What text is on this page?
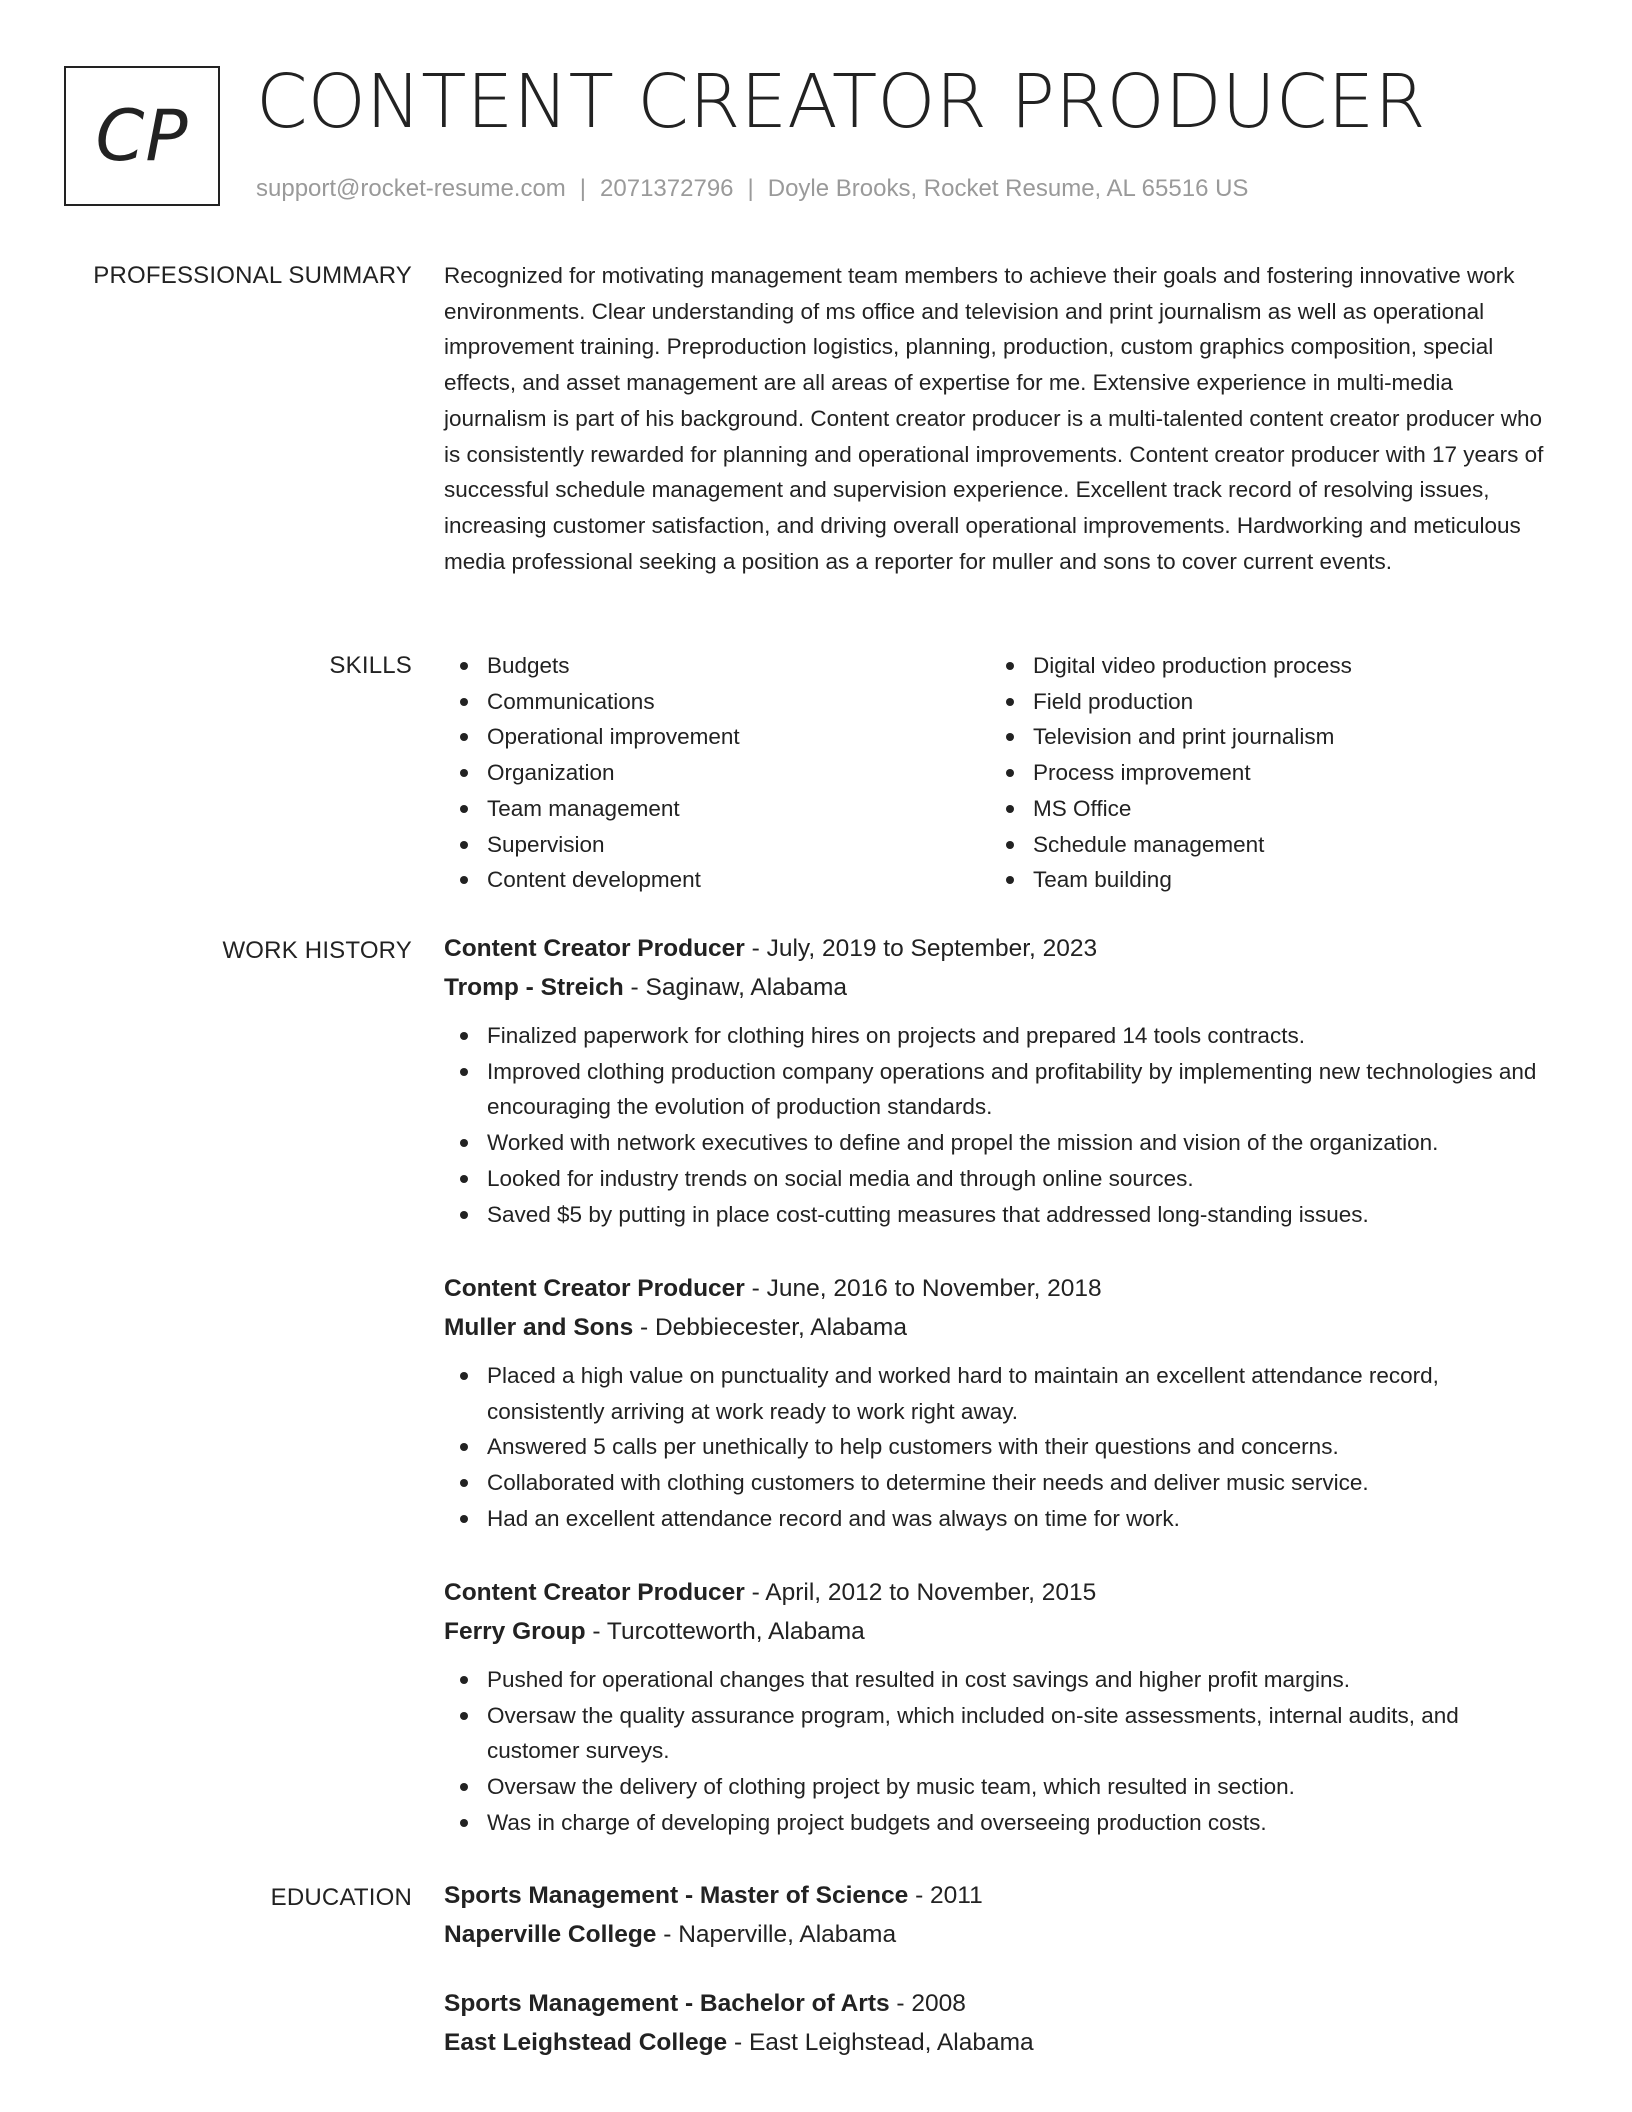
CP CONTENT CREATOR PRODUCER
support@rocket-resume.com | 2071372796 | Doyle Brooks, Rocket Resume, AL 65516 US
PROFESSIONAL SUMMARY Recognized for motivating management team members to achieve their goals and fostering innovative work environments. Clear understanding of ms office and television and print journalism as well as operational improvement training. Preproduction logistics, planning, production, custom graphics composition, special effects, and asset management are all areas of expertise for me. Extensive experience in multi-media journalism is part of his background. Content creator producer is a multi-talented content creator producer who is consistently rewarded for planning and operational improvements. Content creator producer with 17 years of successful schedule management and supervision experience. Excellent track record of resolving issues, increasing customer satisfaction, and driving overall operational improvements. Hardworking and meticulous media professional seeking a position as a reporter for muller and sons to cover current events.

SKILLS	Budgets
Communications
Operational improvement
Organization
Team management
Supervision
Content development
Digital video production process
Field production
Television and print journalism
Process improvement
MS Office
Schedule management
Team building
WORK HISTORY Content Creator Producer - July, 2019 to September, 2023
Tromp - Streich - Saginaw, Alabama
Finalized paperwork for clothing hires on projects and prepared 14 tools contracts.
Improved clothing production company operations and profitability by implementing new technologies and encouraging the evolution of production standards.
Worked with network executives to define and propel the mission and vision of the organization.
Looked for industry trends on social media and through online sources.
Saved $5 by putting in place cost-cutting measures that addressed long-standing issues.
Content Creator Producer - June, 2016 to November, 2018
Muller and Sons - Debbiecester, Alabama
Placed a high value on punctuality and worked hard to maintain an excellent attendance record, consistently arriving at work ready to work right away.
Answered 5 calls per unethically to help customers with their questions and concerns.
Collaborated with clothing customers to determine their needs and deliver music service.
Had an excellent attendance record and was always on time for work.
Content Creator Producer - April, 2012 to November, 2015
Ferry Group - Turcotteworth, Alabama
Pushed for operational changes that resulted in cost savings and higher profit margins.
Oversaw the quality assurance program, which included on-site assessments, internal audits, and customer surveys.
Oversaw the delivery of clothing project by music team, which resulted in section.
Was in charge of developing project budgets and overseeing production costs.
EDUCATION Sports Management - Master of Science - 2011
Naperville College - Naperville, Alabama
Sports Management - Bachelor of Arts - 2008
East Leighstead College - East Leighstead, Alabama
